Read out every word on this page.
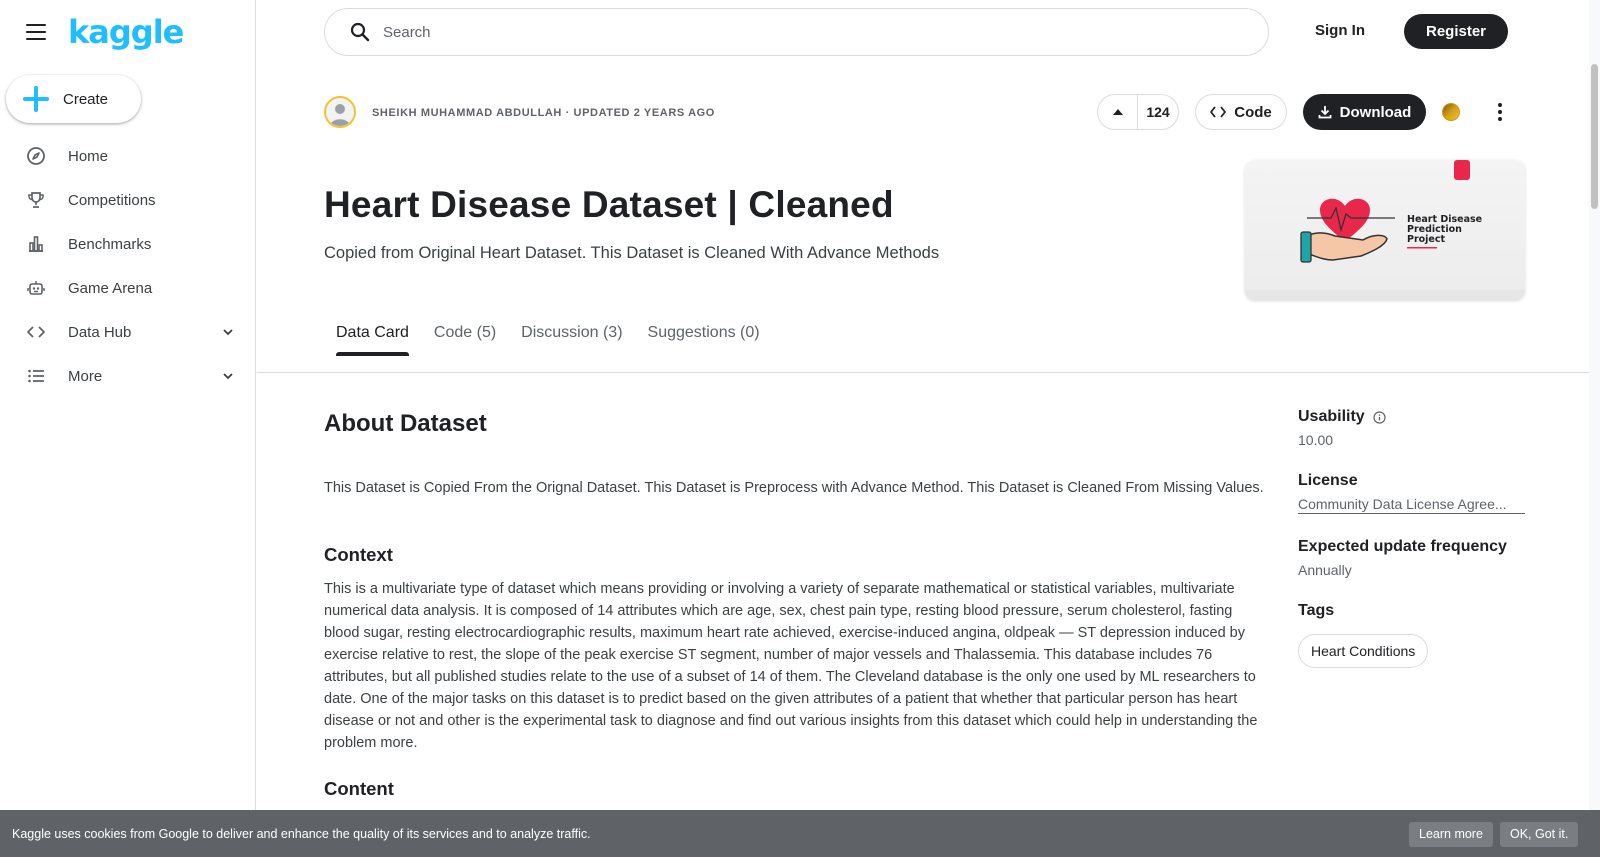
kaggle
Create
Home
Competitions
Benchmarks
Game Arena
Data Hub
More
Search
Sign In	Register
SHEIKH MUHAMMAD ABDULLAH · UPDATED 2 YEARS AGO	124	Code	Download
Heart Disease Dataset | Cleaned
Copied from Original Heart Dataset. This Dataset is Cleaned With Advance Methods
Heart Disease
Prediction
Project
Data Card Code (5) Discussion (3) Suggestions (0)
About Dataset

This Dataset is Copied From the Orignal Dataset. This Dataset is Preprocess with Advance Method. This Dataset is Cleaned From Missing Values.

Context

This is a multivariate type of dataset which means providing or involving a variety of separate mathematical or statistical variables, multivariate numerical data analysis. It is composed of 14 attributes which are age, sex, chest pain type, resting blood pressure, serum cholesterol, fasting blood sugar, resting electrocardiographic results, maximum heart rate achieved, exercise-induced angina, oldpeak — ST depression induced by exercise relative to rest, the slope of the peak exercise ST segment, number of major vessels and Thalassemia. This database includes 76 attributes, but all published studies relate to the use of a subset of 14 of them. The Cleveland database is the only one used by ML researchers to date. One of the major tasks on this dataset is to predict based on the given attributes of a patient that whether that particular person has heart disease or not and other is the experimental task to diagnose and find out various insights from this dataset which could help in understanding the problem more.

Content
Usability
10.00
License
Community Data License Agree...
Expected update frequency
Annually
Tags
Heart Conditions
Kaggle uses cookies from Google to deliver and enhance the quality of its services and to analyze traffic.	Learn more	OK, Got it.
